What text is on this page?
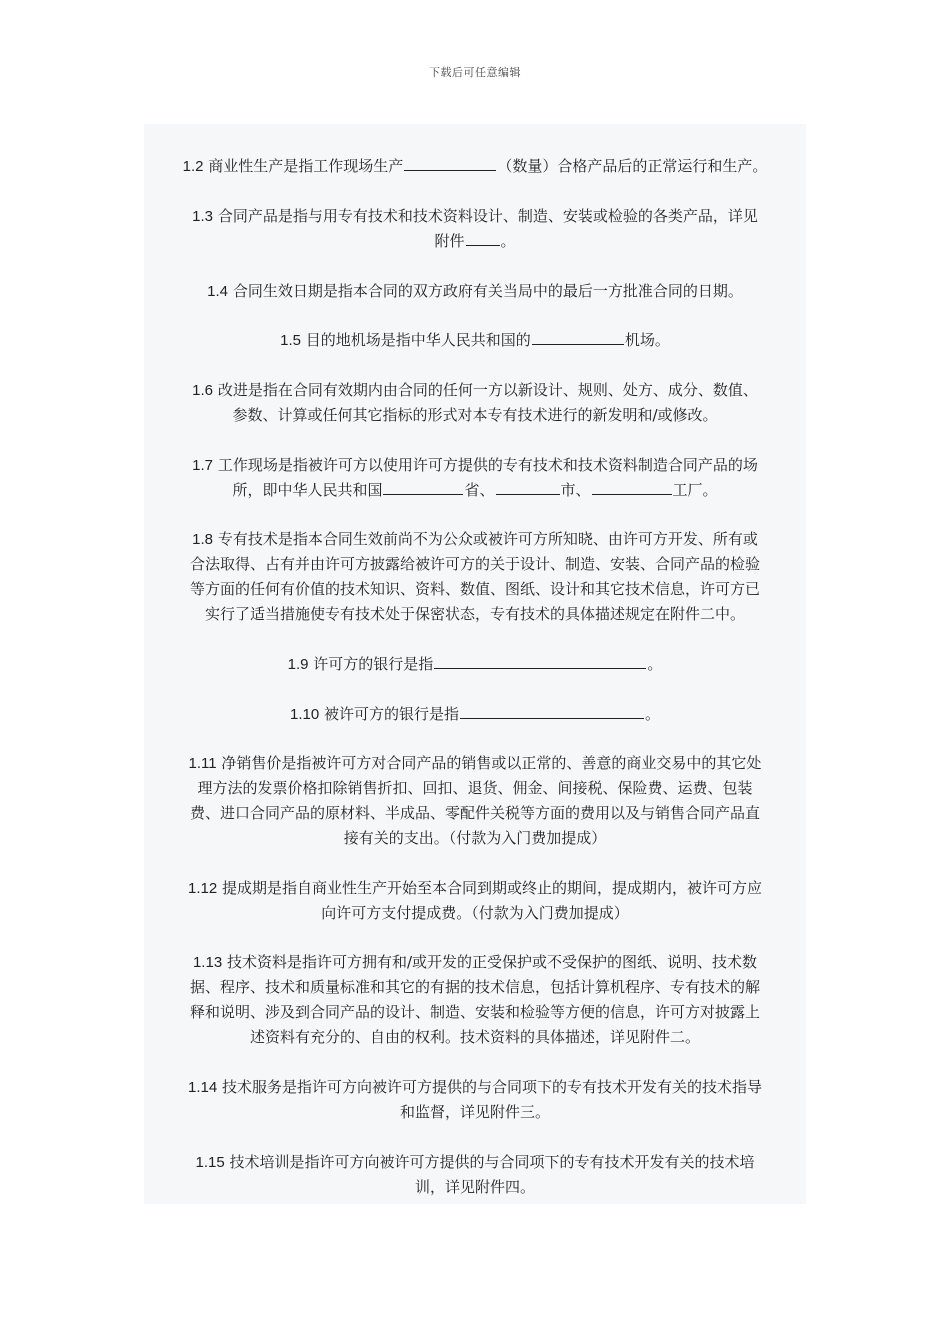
下载后可任意编辑

1.2 商业性生产是指工作现场生产	（数量）合格产品后的正常运行和生产。

1.3 合同产品是指与用专有技术和技术资料设计、制造、安装或检验的各类产品，详见
附件 。

1.4 合同生效日期是指本合同的双方政府有关当局中的最后一方批准合同的日期。

1.5 目的地机场是指中华人民共和国的	机场。

1.6 改进是指在合同有效期内由合同的任何一方以新设计、规则、处方、成分、数值、
参数、计算或任何其它指标的形式对本专有技术进行的新发明和/或修改。

1.7 工作现场是指被许可方以使用许可方提供的专有技术和技术资料制造合同产品的场
所，即中华人民共和国	省、	市、	工厂。

1.8 专有技术是指本合同生效前尚不为公众或被许可方所知晓、由许可方开发、所有或
合法取得、占有并由许可方披露给被许可方的关于设计、制造、安装、合同产品的检验
等方面的任何有价值的技术知识、资料、数值、图纸、设计和其它技术信息，许可方已
实行了适当措施使专有技术处于保密状态，专有技术的具体描述规定在附件二中。

1.9 许可方的银行是指	。

1.10 被许可方的银行是指	。

1.11 净销售价是指被许可方对合同产品的销售或以正常的、善意的商业交易中的其它处
理方法的发票价格扣除销售折扣、回扣、退货、佣金、间接税、保险费、运费、包装
费、进口合同产品的原材料、半成品、零配件关税等方面的费用以及与销售合同产品直
接有关的支出。（付款为入门费加提成）

1.12 提成期是指自商业性生产开始至本合同到期或终止的期间，提成期内，被许可方应
向许可方支付提成费。（付款为入门费加提成）

1.13 技术资料是指许可方拥有和/或开发的正受保护或不受保护的图纸、说明、技术数
据、程序、技术和质量标准和其它的有据的技术信息，包括计算机程序、专有技术的解
释和说明、涉及到合同产品的设计、制造、安装和检验等方便的信息，许可方对披露上
述资料有充分的、自由的权利。技术资料的具体描述，详见附件二。

1.14 技术服务是指许可方向被许可方提供的与合同项下的专有技术开发有关的技术指导
和监督，详见附件三。

1.15 技术培训是指许可方向被许可方提供的与合同项下的专有技术开发有关的技术培
训，详见附件四。
